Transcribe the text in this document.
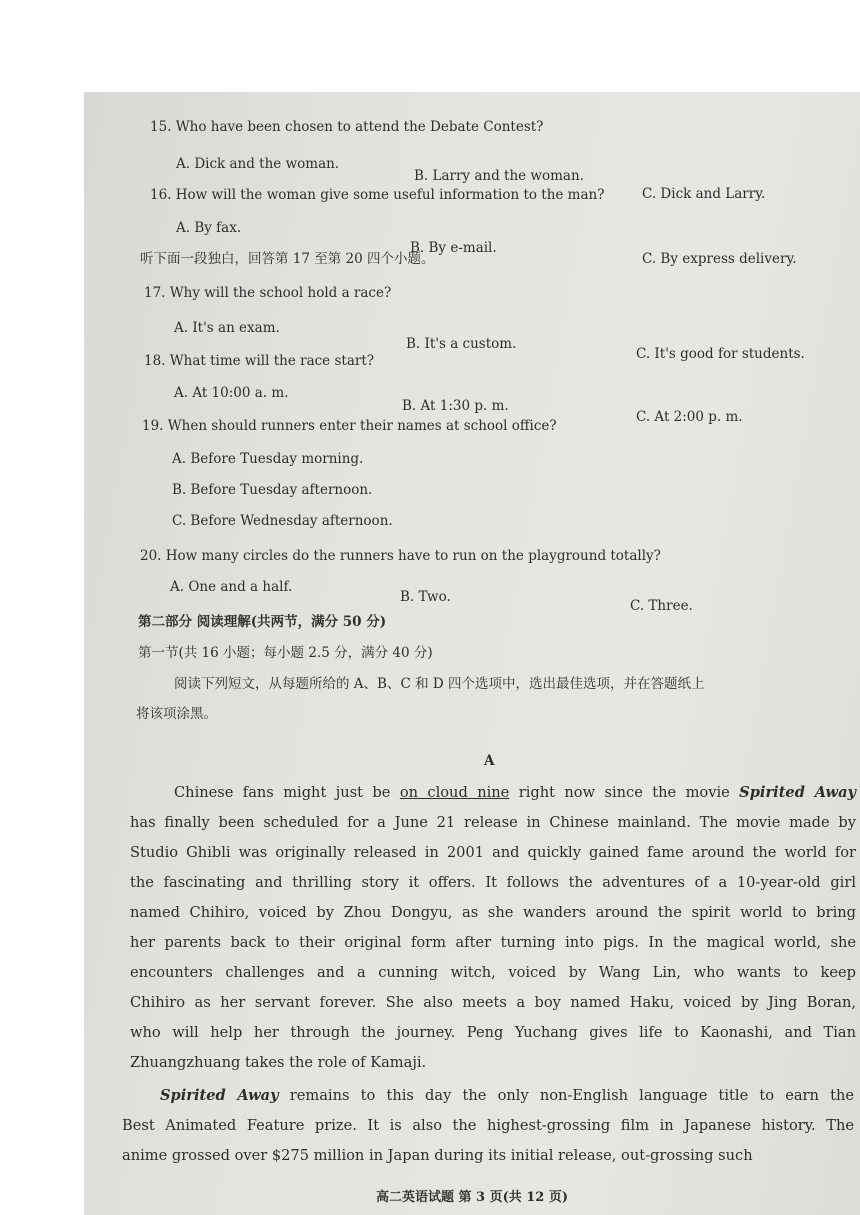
15. Who have been chosen to attend the Debate Contest?
A. Dick and the woman.
B. Larry and the woman.
C. Dick and Larry.
16. How will the woman give some useful information to the man?
A. By fax.
B. By e-mail.
C. By express delivery.
听下面一段独白，回答第 17 至第 20 四个小题。
17. Why will the school hold a race?
A. It's an exam.
B. It's a custom.
C. It's good for students.
18. What time will the race start?
A. At 10:00 a. m.
B. At 1:30 p. m.
C. At 2:00 p. m.
19. When should runners enter their names at school office?
A. Before Tuesday morning.
B. Before Tuesday afternoon.
C. Before Wednesday afternoon.
20. How many circles do the runners have to run on the playground totally?
A. One and a half.
B. Two.
C. Three.
第二部分 阅读理解(共两节，满分 50 分)
第一节(共 16 小题；每小题 2.5 分，满分 40 分)
阅读下列短文，从每题所给的 A、B、C 和 D 四个选项中，选出最佳选项，并在答题纸上
将该项涂黑。
A
Chinese fans might just be on cloud nine right now since the movie Spirited Away
has finally been scheduled for a June 21 release in Chinese mainland. The movie made by
Studio Ghibli was originally released in 2001 and quickly gained fame around the world for
the fascinating and thrilling story it offers. It follows the adventures of a 10-year-old girl
named Chihiro, voiced by Zhou Dongyu, as she wanders around the spirit world to bring
her parents back to their original form after turning into pigs. In the magical world, she
encounters challenges and a cunning witch, voiced by Wang Lin, who wants to keep
Chihiro as her servant forever. She also meets a boy named Haku, voiced by Jing Boran,
who will help her through the journey. Peng Yuchang gives life to Kaonashi, and Tian
Zhuangzhuang takes the role of Kamaji.
Spirited Away remains to this day the only non-English language title to earn the
Best Animated Feature prize. It is also the highest-grossing film in Japanese history. The
anime grossed over $275 million in Japan during its initial release, out-grossing such
高二英语试题 第 3 页(共 12 页)
